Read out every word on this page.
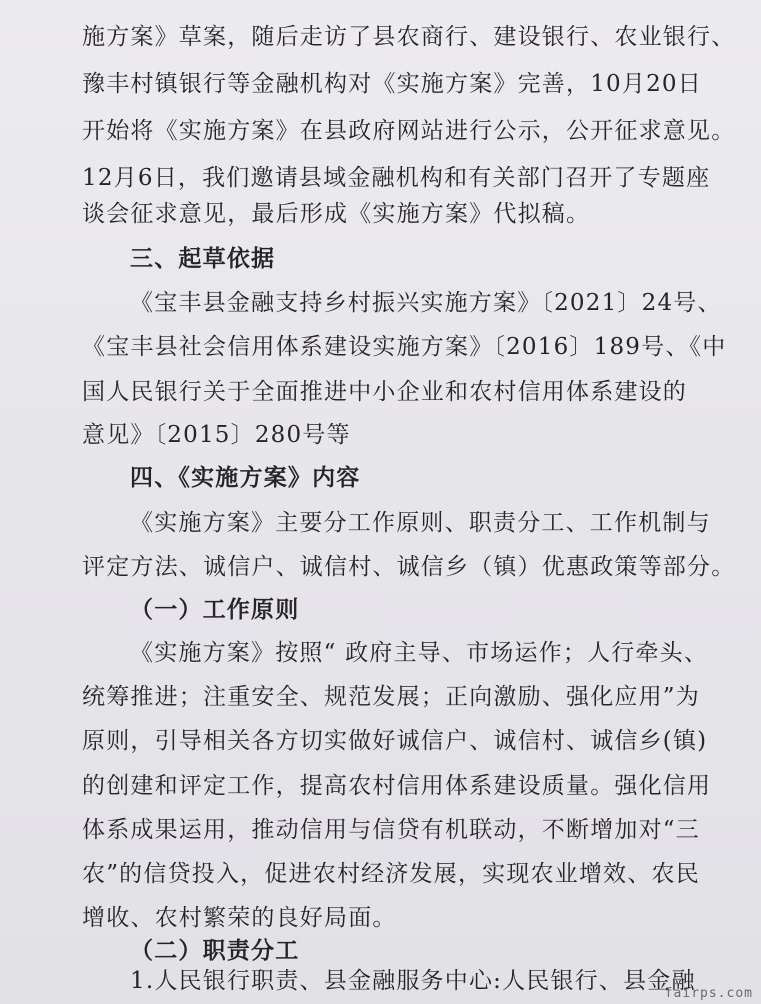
施方案》草案，随后走访了县农商行、建设银行、农业银行、
豫丰村镇银行等金融机构对《实施方案》完善，10月20日
开始将《实施方案》在县政府网站进行公示，公开征求意见。
12月6日，我们邀请县域金融机构和有关部门召开了专题座
谈会征求意见，最后形成《实施方案》代拟稿。
三、起草依据
《宝丰县金融支持乡村振兴实施方案》〔2021〕24号、
《宝丰县社会信用体系建设实施方案》〔2016〕189号、《中
国人民银行关于全面推进中小企业和农村信用体系建设的
意见》〔2015〕280号等
四、《实施方案》内容
《实施方案》主要分工作原则、职责分工、工作机制与
评定方法、诚信户、诚信村、诚信乡（镇）优惠政策等部分。
（一）工作原则
《实施方案》按照“ 政府主导、市场运作；人行牵头、
统筹推进；注重安全、规范发展；正向激励、强化应用”为
原则，引导相关各方切实做好诚信户、诚信村、诚信乡(镇)
的创建和评定工作，提高农村信用体系建设质量。强化信用
体系成果运用，推动信用与信贷有机联动，不断增加对“三
农”的信贷投入，促进农村经济发展，实现农业增效、农民
增收、农村繁荣的良好局面。
（二）职责分工
1.人民银行职责、县金融服务中心:人民银行、县金融
fairps.com
